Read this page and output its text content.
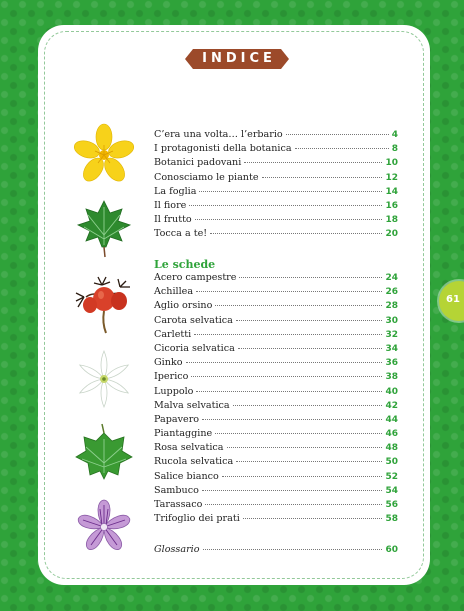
INDICE
C’era una volta… l’erbario	4
I protagonisti della botanica	8
Botanici padovani	10
Conosciamo le piante	12
La foglia	14
Il fiore	16
Il frutto	18
Tocca a te!	20
Le schede
Acero campestre	24
Achillea	26
Aglio orsino	28
Carota selvatica	30
Carletti	32
Cicoria selvatica	34
Ginko	36
Iperico	38
Luppolo	40
Malva selvatica	42
Papavero	44
Piantaggine	46
Rosa selvatica	48
Rucola selvatica	50
Salice bianco	52
Sambuco	54
Tarassaco	56
Trifoglio dei prati	58
Glossario	60
61
